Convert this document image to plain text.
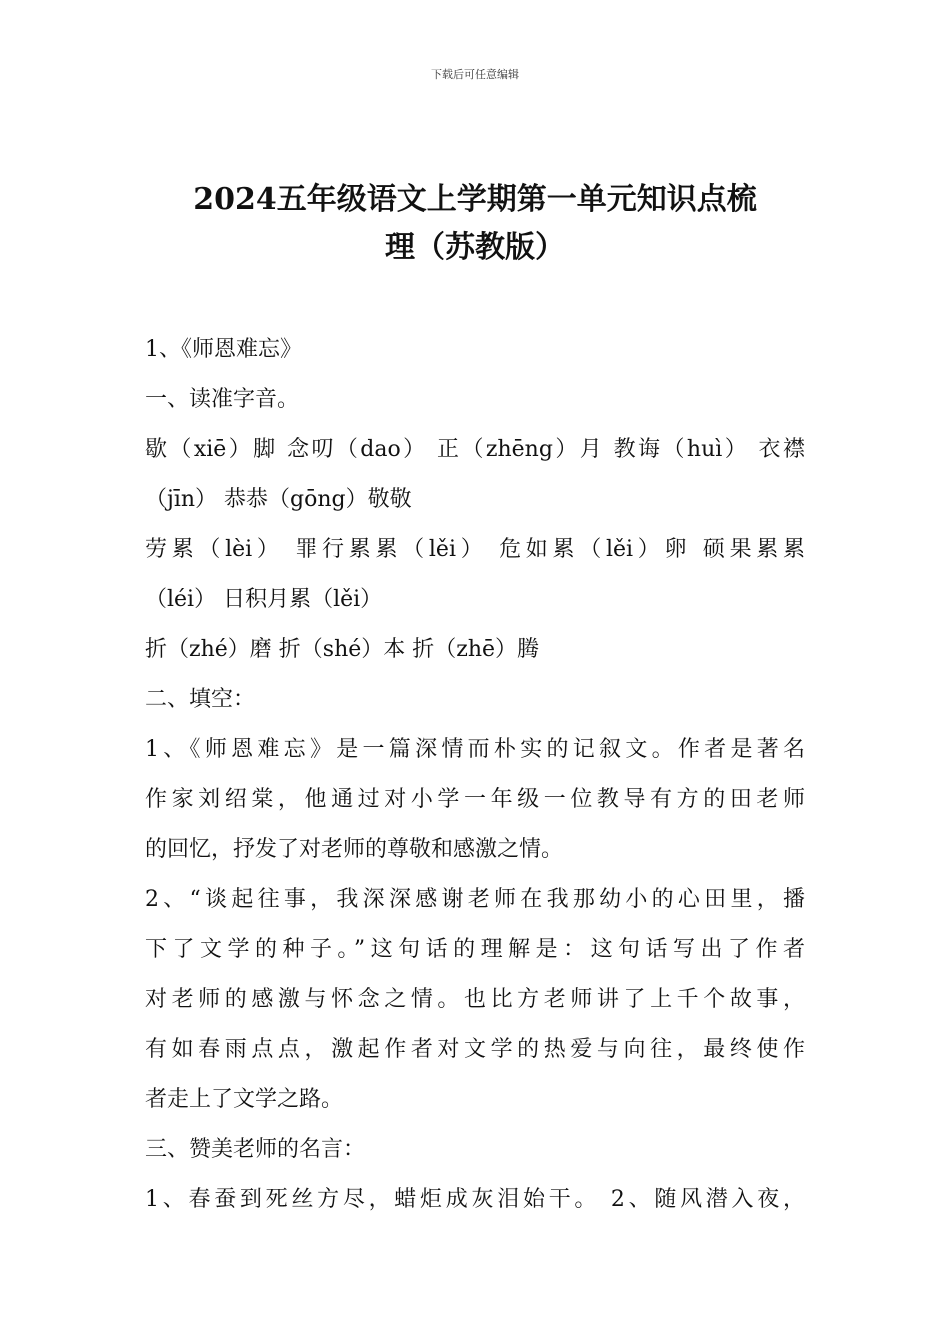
下载后可任意编辑
2024五年级语文上学期第一单元知识点梳
理（苏教版）
1、《师恩难忘》
一、读准字音。
歇（xiē）脚 念叨（dao） 正（zhēng）月 教诲（huì） 衣襟
（jīn） 恭恭（gōng）敬敬
劳累（lèi） 罪行累累（lěi） 危如累（lěi）卵 硕果累累
（léi） 日积月累（lěi）
折（zhé）磨 折（shé）本 折（zhē）腾
二、填空：
1、《师恩难忘》是一篇深情而朴实的记叙文。作者是著名
作家刘绍棠，他通过对小学一年级一位教导有方的田老师
的回忆，抒发了对老师的尊敬和感激之情。
2、“谈起往事，我深深感谢老师在我那幼小的心田里，播
下了文学的种子。”这句话的理解是：这句话写出了作者
对老师的感激与怀念之情。也比方老师讲了上千个故事，
有如春雨点点，激起作者对文学的热爱与向往，最终使作
者走上了文学之路。
三、赞美老师的名言：
1、春蚕到死丝方尽，蜡炬成灰泪始干。 2、随风潜入夜，
